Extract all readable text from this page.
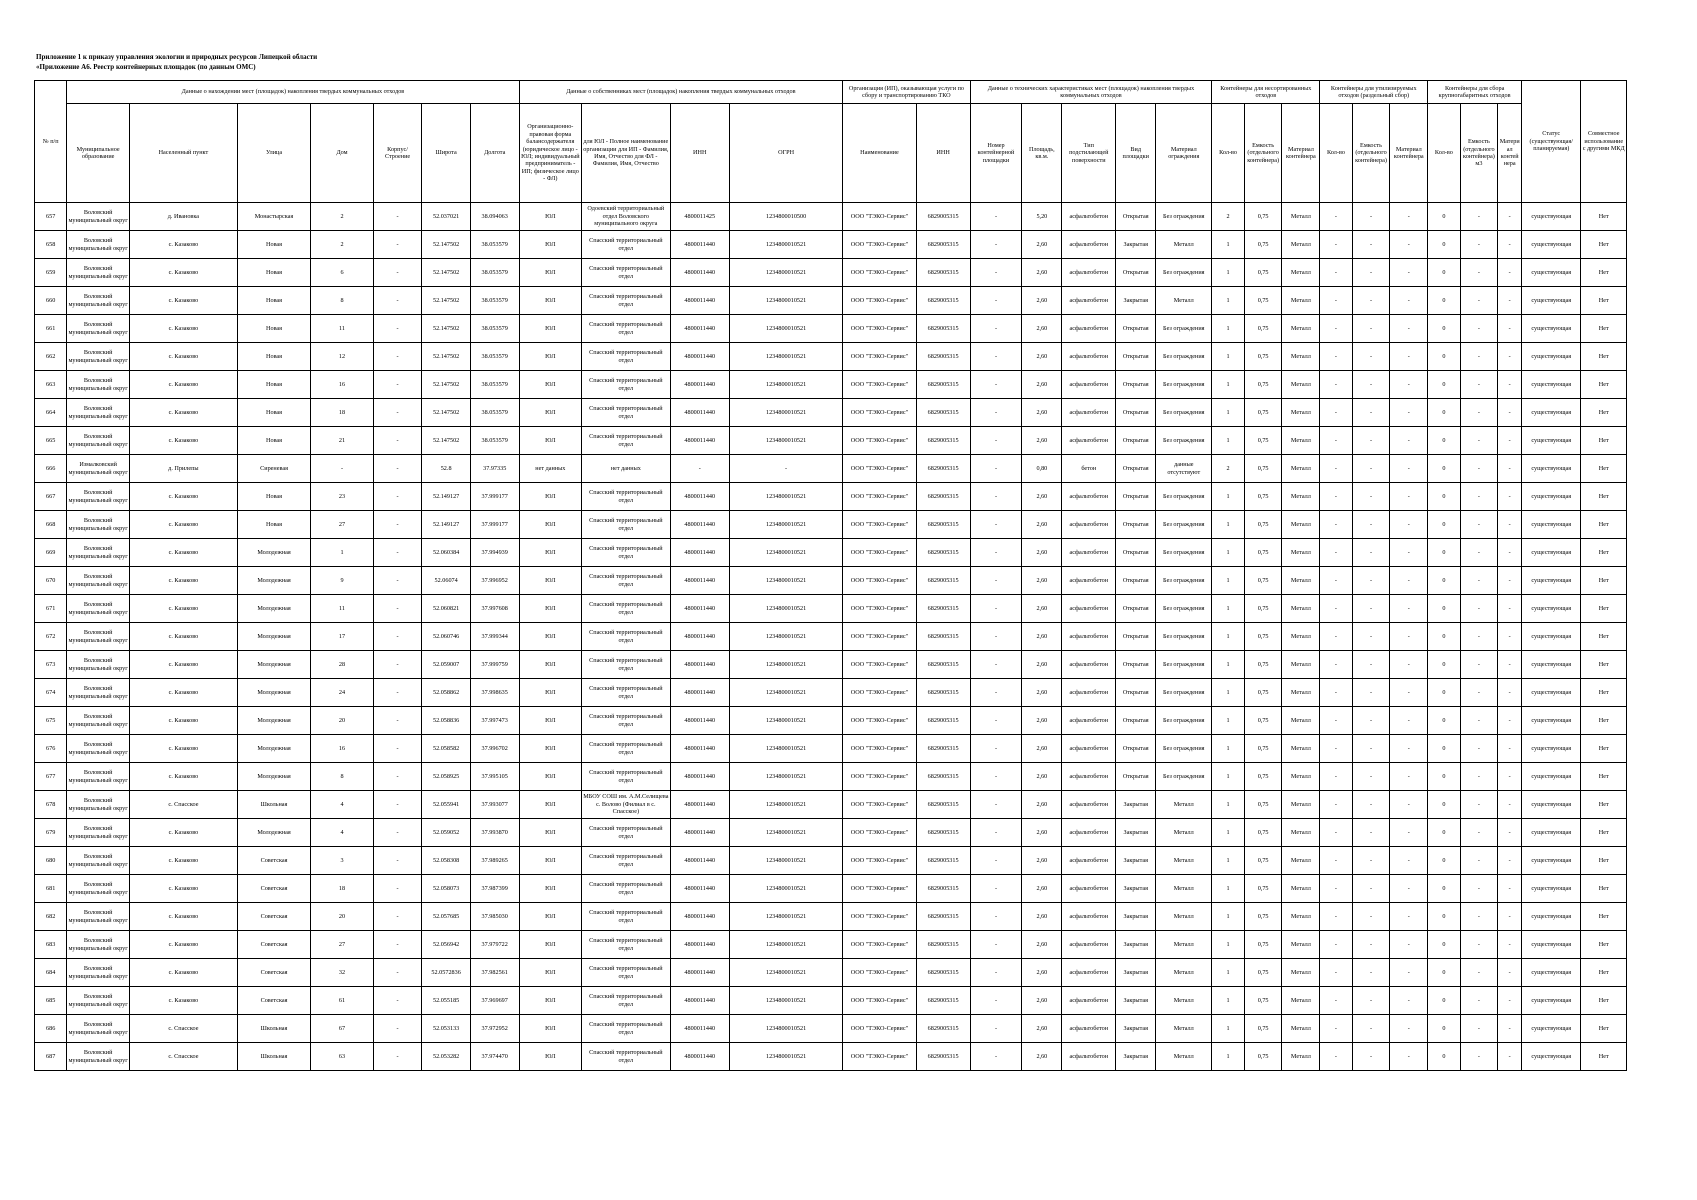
Приложение 1 к приказу управления экологии и природных ресурсов Липецкой области
«Приложение А6. Реестр контейнерных площадок (по данным ОМС)
№ п/п	Данные о нахождении мест (площадок) накопления твердых коммунальных отходов							Данные о собственниках мест (площадок) накопления твердых коммунальных отходов				Организация (ИП), оказывающая услуги по сбору и транспортированию ТКО		Данные о технических характеристиках мест (площадок) накопления твердых коммунальных отходов					Контейнеры для несортированных отходов			Контейнеры для утилизируемых отходов (раздельный сбор)			Контейнеры для сбора крупногабаритных отходов			Статус (существующая/ планируемая)	Совместное использование с другими МКД
	Муниципальное образование	Населенный пункт	Улица	Дом	Корпус/Строение	Широта	Долгота	Организационно-правовая форма балансодержателя (юридическое лицо - ЮЛ; индивидуальный предприниматель - ИП; физическое лицо - ФЛ)	для ЮЛ - Полное наименование организации для ИП - Фамилия, Имя, Отчество для ФЛ - Фамилия, Имя, Отчество	ИНН	ОГРН	Наименование	ИНН	Номер контейнерной площадки	Площадь, кв.м.	Тип подстилающей поверхности	Вид площадки	Материал ограждения	Кол-во	Емкость (отдельного контейнера)	Материал контейнера	Кол-во	Емкость (отдельного контейнера)	Материал контейнера	Кол-во	Емкость (отдельного контейнера) м3	Материал контейнера		
657	Воловский муниципальный округ	д. Ивановка	Монастырская	2	-	52.037021	38.094063	ЮЛ	Одоевский территориальный отдел Воловского муниципального округа	4800011425	1234800010500	ООО "ТЭКО-Сервис"	6829005315	-	5,20	асфальтобетон	Открытая	Без ограждения	2	0,75	Металл	-	-	-	0	-	-	существующая	Нет
658	Воловский муниципальный округ	с. Казаково	Новая	2	-	52.147502	38.053579	ЮЛ	Спасский территориальный отдел	4800011440	1234800010521	ООО "ТЭКО-Сервис"	6829005315	-	2,60	асфальтобетон	Закрытая	Металл	1	0,75	Металл	-	-	-	0	-	-	существующая	Нет
659	Воловский муниципальный округ	с. Казаково	Новая	6	-	52.147502	38.053579	ЮЛ	Спасский территориальный отдел	4800011440	1234800010521	ООО "ТЭКО-Сервис"	6829005315	-	2,60	асфальтобетон	Открытая	Без ограждения	1	0,75	Металл	-	-	-	0	-	-	существующая	Нет
660	Воловский муниципальный округ	с. Казаково	Новая	8	-	52.147502	38.053579	ЮЛ	Спасский территориальный отдел	4800011440	1234800010521	ООО "ТЭКО-Сервис"	6829005315	-	2,60	асфальтобетон	Закрытая	Металл	1	0,75	Металл	-	-	-	0	-	-	существующая	Нет
661	Воловский муниципальный округ	с. Казаково	Новая	11	-	52.147502	38.053579	ЮЛ	Спасский территориальный отдел	4800011440	1234800010521	ООО "ТЭКО-Сервис"	6829005315	-	2,60	асфальтобетон	Открытая	Без ограждения	1	0,75	Металл	-	-	-	0	-	-	существующая	Нет
662	Воловский муниципальный округ	с. Казаково	Новая	12	-	52.147502	38.053579	ЮЛ	Спасский территориальный отдел	4800011440	1234800010521	ООО "ТЭКО-Сервис"	6829005315	-	2,60	асфальтобетон	Открытая	Без ограждения	1	0,75	Металл	-	-	-	0	-	-	существующая	Нет
663	Воловский муниципальный округ	с. Казаково	Новая	16	-	52.147502	38.053579	ЮЛ	Спасский территориальный отдел	4800011440	1234800010521	ООО "ТЭКО-Сервис"	6829005315	-	2,60	асфальтобетон	Открытая	Без ограждения	1	0,75	Металл	-	-	-	0	-	-	существующая	Нет
664	Воловский муниципальный округ	с. Казаково	Новая	18	-	52.147502	38.053579	ЮЛ	Спасский территориальный отдел	4800011440	1234800010521	ООО "ТЭКО-Сервис"	6829005315	-	2,60	асфальтобетон	Открытая	Без ограждения	1	0,75	Металл	-	-	-	0	-	-	существующая	Нет
665	Воловский муниципальный округ	с. Казаково	Новая	21	-	52.147502	38.053579	ЮЛ	Спасский территориальный отдел	4800011440	1234800010521	ООО "ТЭКО-Сервис"	6829005315	-	2,60	асфальтобетон	Открытая	Без ограждения	1	0,75	Металл	-	-	-	0	-	-	существующая	Нет
666	Измалковский муниципальный округ	д. Прилепы	Сиреневая	-	-	52.8	37.97335	нет данных	нет данных	-	-	ООО "ТЭКО-Сервис"	6829005315	-	0,80	бетон	Открытая	данные отсутствуют	2	0,75	Металл	-	-	-	0	-	-	существующая	Нет
667	Воловский муниципальный округ	с. Казаково	Новая	23	-	52.149127	37.999177	ЮЛ	Спасский территориальный отдел	4800011440	1234800010521	ООО "ТЭКО-Сервис"	6829005315	-	2,60	асфальтобетон	Открытая	Без ограждения	1	0,75	Металл	-	-	-	0	-	-	существующая	Нет
668	Воловский муниципальный округ	с. Казаково	Новая	27	-	52.149127	37.999177	ЮЛ	Спасский территориальный отдел	4800011440	1234800010521	ООО "ТЭКО-Сервис"	6829005315	-	2,60	асфальтобетон	Открытая	Без ограждения	1	0,75	Металл	-	-	-	0	-	-	существующая	Нет
669	Воловский муниципальный округ	с. Казаково	Молодежная	1	-	52.060384	37.994939	ЮЛ	Спасский территориальный отдел	4800011440	1234800010521	ООО "ТЭКО-Сервис"	6829005315	-	2,60	асфальтобетон	Открытая	Без ограждения	1	0,75	Металл	-	-	-	0	-	-	существующая	Нет
670	Воловский муниципальный округ	с. Казаково	Молодежная	9	-	52.06074	37.996952	ЮЛ	Спасский территориальный отдел	4800011440	1234800010521	ООО "ТЭКО-Сервис"	6829005315	-	2,60	асфальтобетон	Открытая	Без ограждения	1	0,75	Металл	-	-	-	0	-	-	существующая	Нет
671	Воловский муниципальный округ	с. Казаково	Молодежная	11	-	52.060821	37.997608	ЮЛ	Спасский территориальный отдел	4800011440	1234800010521	ООО "ТЭКО-Сервис"	6829005315	-	2,60	асфальтобетон	Открытая	Без ограждения	1	0,75	Металл	-	-	-	0	-	-	существующая	Нет
672	Воловский муниципальный округ	с. Казаково	Молодежная	17	-	52.060746	37.999344	ЮЛ	Спасский территориальный отдел	4800011440	1234800010521	ООО "ТЭКО-Сервис"	6829005315	-	2,60	асфальтобетон	Открытая	Без ограждения	1	0,75	Металл	-	-	-	0	-	-	существующая	Нет
673	Воловский муниципальный округ	с. Казаково	Молодежная	28	-	52.059007	37.999759	ЮЛ	Спасский территориальный отдел	4800011440	1234800010521	ООО "ТЭКО-Сервис"	6829005315	-	2,60	асфальтобетон	Открытая	Без ограждения	1	0,75	Металл	-	-	-	0	-	-	существующая	Нет
674	Воловский муниципальный округ	с. Казаково	Молодежная	24	-	52.058862	37.998635	ЮЛ	Спасский территориальный отдел	4800011440	1234800010521	ООО "ТЭКО-Сервис"	6829005315	-	2,60	асфальтобетон	Открытая	Без ограждения	1	0,75	Металл	-	-	-	0	-	-	существующая	Нет
675	Воловский муниципальный округ	с. Казаково	Молодежная	20	-	52.058836	37.997473	ЮЛ	Спасский территориальный отдел	4800011440	1234800010521	ООО "ТЭКО-Сервис"	6829005315	-	2,60	асфальтобетон	Открытая	Без ограждения	1	0,75	Металл	-	-	-	0	-	-	существующая	Нет
676	Воловский муниципальный округ	с. Казаково	Молодежная	16	-	52.058582	37.996702	ЮЛ	Спасский территориальный отдел	4800011440	1234800010521	ООО "ТЭКО-Сервис"	6829005315	-	2,60	асфальтобетон	Открытая	Без ограждения	1	0,75	Металл	-	-	-	0	-	-	существующая	Нет
677	Воловский муниципальный округ	с. Казаково	Молодежная	8	-	52.058925	37.995105	ЮЛ	Спасский территориальный отдел	4800011440	1234800010521	ООО "ТЭКО-Сервис"	6829005315	-	2,60	асфальтобетон	Открытая	Без ограждения	1	0,75	Металл	-	-	-	0	-	-	существующая	Нет
678	Воловский муниципальный округ	с. Спасское	Школьная	4	-	52.055941	37.993077	ЮЛ	МБОУ СОШ им. А.М.Селищева с. Волово (Филиал в с. Спасское)	4800011440	1234800010521	ООО "ТЭКО-Сервис"	6829005315	-	2,60	асфальтобетон	Закрытая	Металл	1	0,75	Металл	-	-	-	0	-	-	существующая	Нет
679	Воловский муниципальный округ	с. Казаково	Молодежная	4	-	52.059052	37.993870	ЮЛ	Спасский территориальный отдел	4800011440	1234800010521	ООО "ТЭКО-Сервис"	6829005315	-	2,60	асфальтобетон	Закрытая	Металл	1	0,75	Металл	-	-	-	0	-	-	существующая	Нет
680	Воловский муниципальный округ	с. Казаково	Советская	3	-	52.058308	37.989265	ЮЛ	Спасский территориальный отдел	4800011440	1234800010521	ООО "ТЭКО-Сервис"	6829005315	-	2,60	асфальтобетон	Закрытая	Металл	1	0,75	Металл	-	-	-	0	-	-	существующая	Нет
681	Воловский муниципальный округ	с. Казаково	Советская	18	-	52.058073	37.987399	ЮЛ	Спасский территориальный отдел	4800011440	1234800010521	ООО "ТЭКО-Сервис"	6829005315	-	2,60	асфальтобетон	Закрытая	Металл	1	0,75	Металл	-	-	-	0	-	-	существующая	Нет
682	Воловский муниципальный округ	с. Казаково	Советская	20	-	52.057685	37.985030	ЮЛ	Спасский территориальный отдел	4800011440	1234800010521	ООО "ТЭКО-Сервис"	6829005315	-	2,60	асфальтобетон	Закрытая	Металл	1	0,75	Металл	-	-	-	0	-	-	существующая	Нет
683	Воловский муниципальный округ	с. Казаково	Советская	27	-	52.056942	37.979722	ЮЛ	Спасский территориальный отдел	4800011440	1234800010521	ООО "ТЭКО-Сервис"	6829005315	-	2,60	асфальтобетон	Закрытая	Металл	1	0,75	Металл	-	-	-	0	-	-	существующая	Нет
684	Воловский муниципальный округ	с. Казаково	Советская	32	-	52.0572836	37.982561	ЮЛ	Спасский территориальный отдел	4800011440	1234800010521	ООО "ТЭКО-Сервис"	6829005315	-	2,60	асфальтобетон	Закрытая	Металл	1	0,75	Металл	-	-	-	0	-	-	существующая	Нет
685	Воловский муниципальный округ	с. Казаково	Советская	61	-	52.055185	37.969697	ЮЛ	Спасский территориальный отдел	4800011440	1234800010521	ООО "ТЭКО-Сервис"	6829005315	-	2,60	асфальтобетон	Закрытая	Металл	1	0,75	Металл	-	-	-	0	-	-	существующая	Нет
686	Воловский муниципальный округ	с. Спасское	Школьная	67	-	52.053133	37.972952	ЮЛ	Спасский территориальный отдел	4800011440	1234800010521	ООО "ТЭКО-Сервис"	6829005315	-	2,60	асфальтобетон	Закрытая	Металл	1	0,75	Металл	-	-	-	0	-	-	существующая	Нет
687	Воловский муниципальный округ	с. Спасское	Школьная	63	-	52.053282	37.974470	ЮЛ	Спасский территориальный отдел	4800011440	1234800010521	ООО "ТЭКО-Сервис"	6829005315	-	2,60	асфальтобетон	Закрытая	Металл	1	0,75	Металл	-	-	-	0	-	-	существующая	Нет
